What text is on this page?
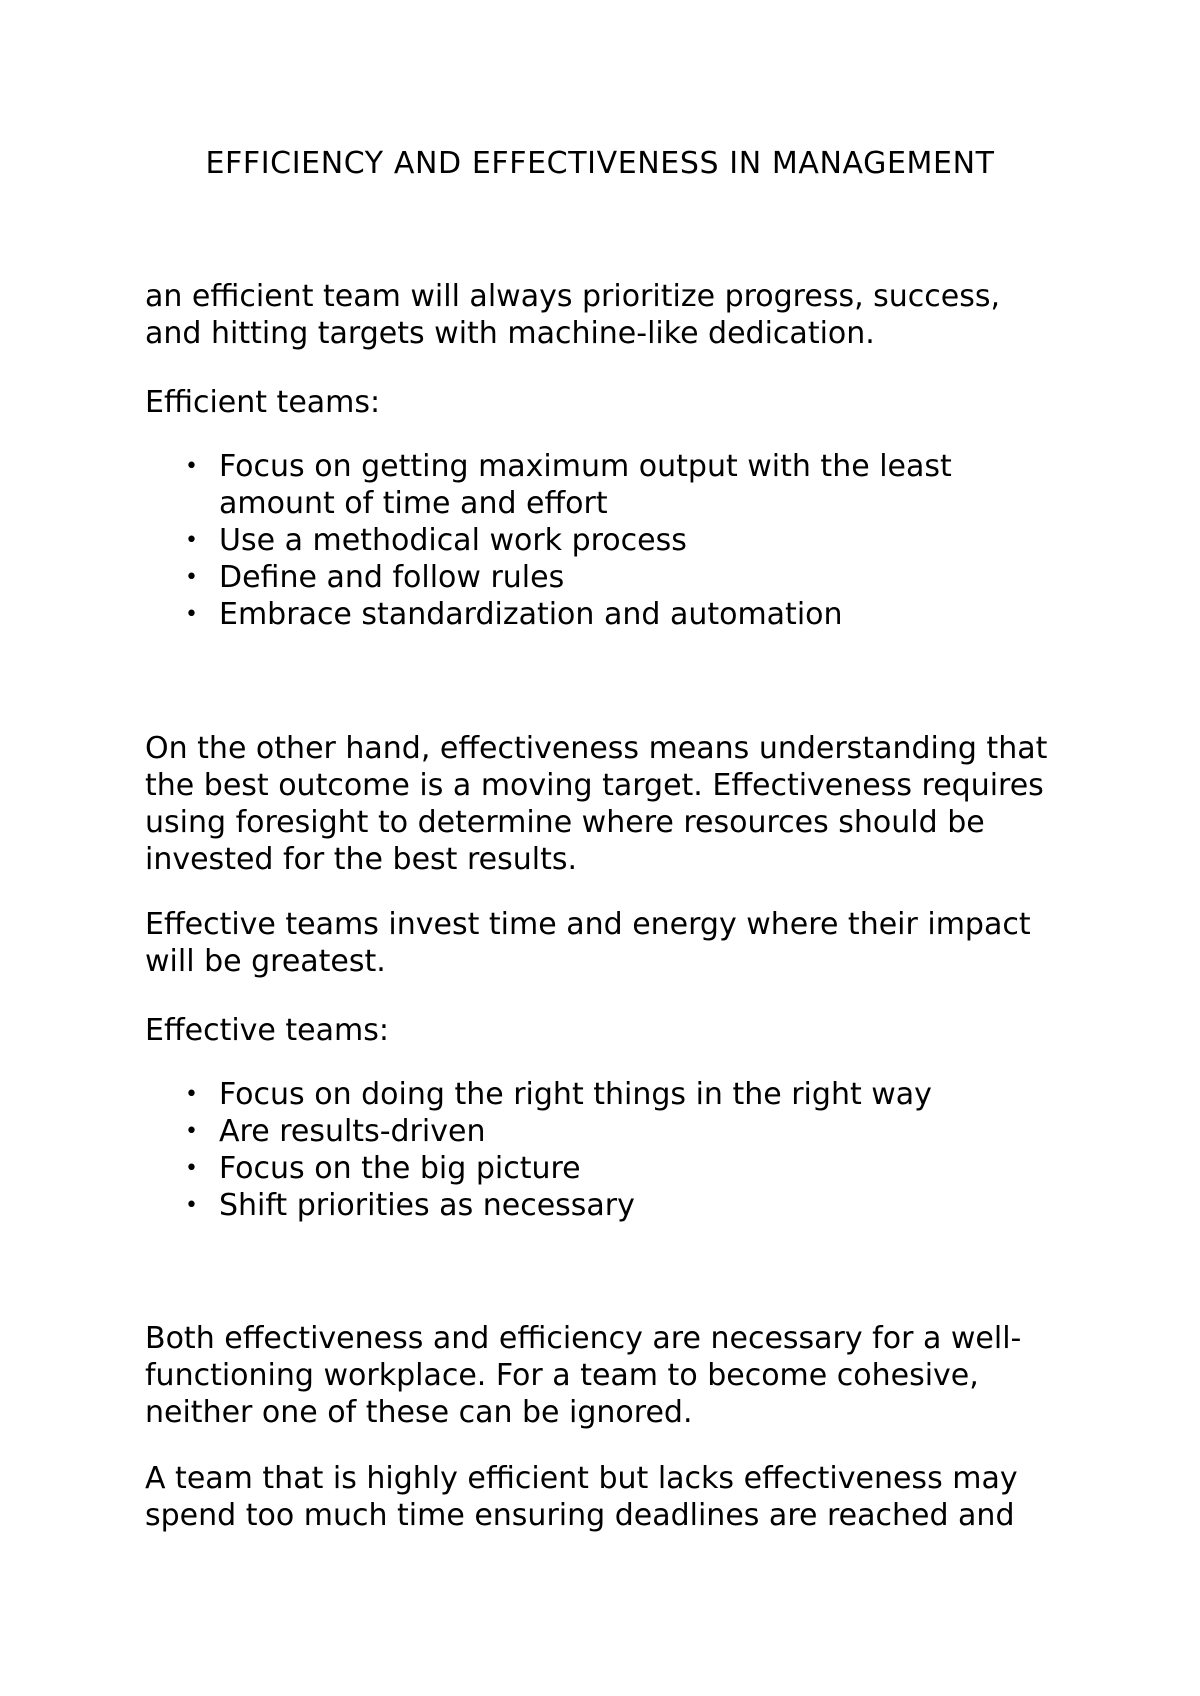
EFFICIENCY AND EFFECTIVENESS IN MANAGEMENT

an efficient team will always prioritize progress, success, and hitting targets with machine-like dedication.

Efficient teams:

• Focus on getting maximum output with the least amount of time and effort
• Use a methodical work process
• Define and follow rules
• Embrace standardization and automation

On the other hand, effectiveness means understanding that the best outcome is a moving target. Effectiveness requires using foresight to determine where resources should be invested for the best results.

Effective teams invest time and energy where their impact will be greatest.

Effective teams:

• Focus on doing the right things in the right way
• Are results-driven
• Focus on the big picture
• Shift priorities as necessary

Both effectiveness and efficiency are necessary for a well-functioning workplace. For a team to become cohesive, neither one of these can be ignored.

A team that is highly efficient but lacks effectiveness may spend too much time ensuring deadlines are reached and
